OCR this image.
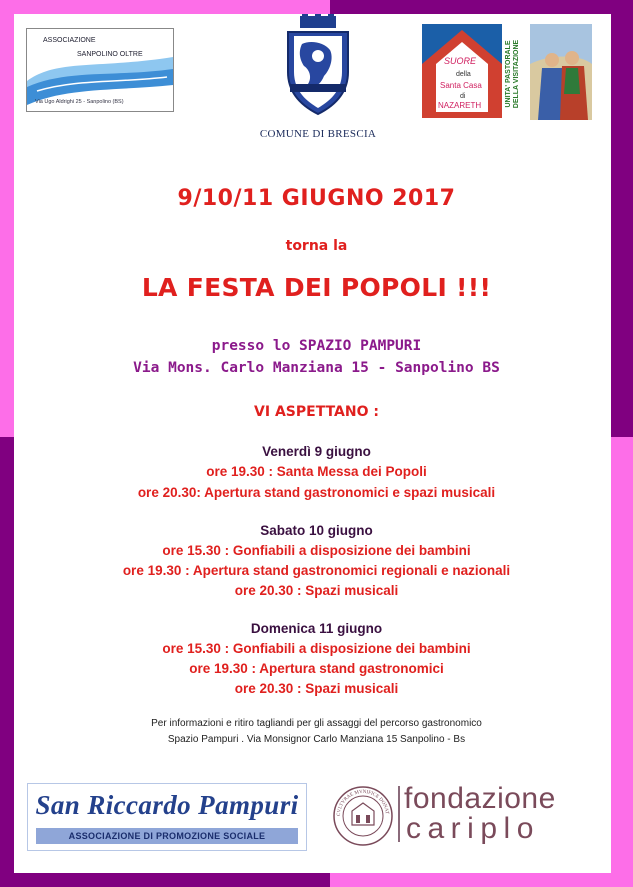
ASSOCIAZIONE
SANPOLINO OLTRE
Via Ugo Aldrighi 25 - Sanpolino (BS)
COMUNE DI BRESCIA
SUORE
della
Santa Casa
di
NAZARETH	UNITA' PASTORALE DELLA VISITAZIONE
9/10/11 GIUGNO 2017
torna la
LA FESTA DEI POPOLI !!!
presso lo SPAZIO PAMPURI
Via Mons. Carlo Manziana 15 - Sanpolino BS
VI ASPETTANO :
Venerdì 9 giugno
ore 19.30 : Santa Messa dei Popoli
ore 20.30: Apertura stand gastronomici e spazi musicali
Sabato 10 giugno
ore 15.30 : Gonfiabili a disposizione dei bambini
ore 19.30 : Apertura stand gastronomici regionali e nazionali
ore 20.30 : Spazi musicali
Domenica 11 giugno
ore 15.30 : Gonfiabili a disposizione dei bambini
ore 19.30 : Apertura stand gastronomici
ore 20.30 : Spazi musicali
Per informazioni e ritiro tagliandi per gli assaggi del percorso gastronomico
Spazio Pampuri . Via Monsignor Carlo Manziana 15 Sanpolino - Bs
San Riccardo Pampuri
ASSOCIAZIONE DI PROMOZIONE SOCIALE
CVLTVRAE MVNIFICE DONAT fondazione
cariplo
